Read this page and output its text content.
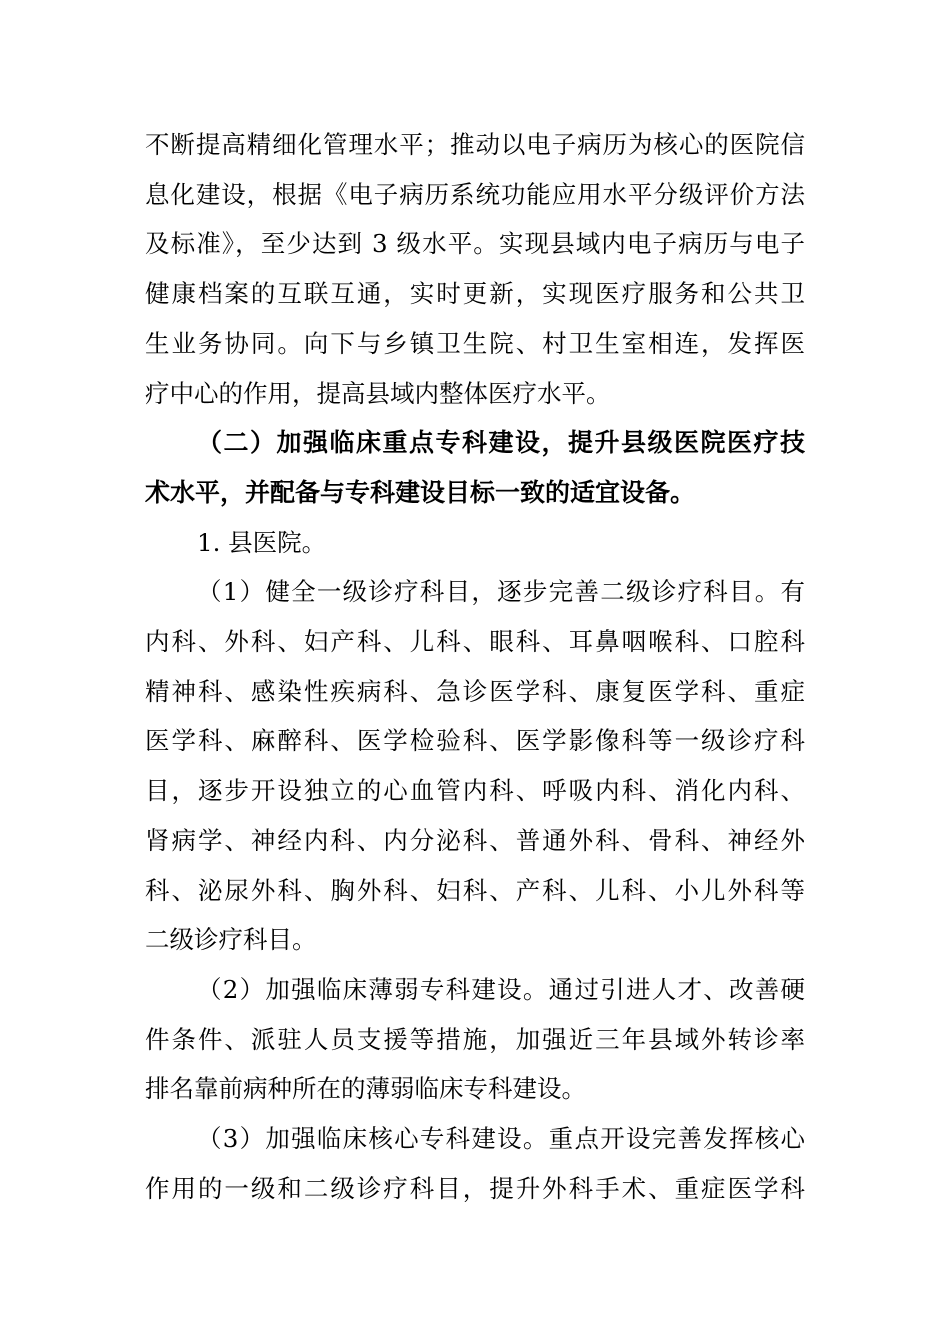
不断提高精细化管理水平；推动以电子病历为核心的医院信
息化建设，根据《电子病历系统功能应用水平分级评价方法
及标准》，至少达到 3 级水平。实现县域内电子病历与电子
健康档案的互联互通，实时更新，实现医疗服务和公共卫
生业务协同。向下与乡镇卫生院、村卫生室相连，发挥医
疗中心的作用，提高县域内整体医疗水平。
（二）加强临床重点专科建设，提升县级医院医疗技
术水平，并配备与专科建设目标一致的适宜设备。
1. 县医院。
（1）健全一级诊疗科目，逐步完善二级诊疗科目。有
内科、外科、妇产科、儿科、眼科、耳鼻咽喉科、口腔科
精神科、感染性疾病科、急诊医学科、康复医学科、重症
医学科、麻醉科、医学检验科、医学影像科等一级诊疗科
目，逐步开设独立的心血管内科、呼吸内科、消化内科、
肾病学、神经内科、内分泌科、普通外科、骨科、神经外
科、泌尿外科、胸外科、妇科、产科、儿科、小儿外科等
二级诊疗科目。
（2）加强临床薄弱专科建设。通过引进人才、改善硬
件条件、派驻人员支援等措施，加强近三年县域外转诊率
排名靠前病种所在的薄弱临床专科建设。
（3）加强临床核心专科建设。重点开设完善发挥核心
作用的一级和二级诊疗科目，提升外科手术、重症医学科
